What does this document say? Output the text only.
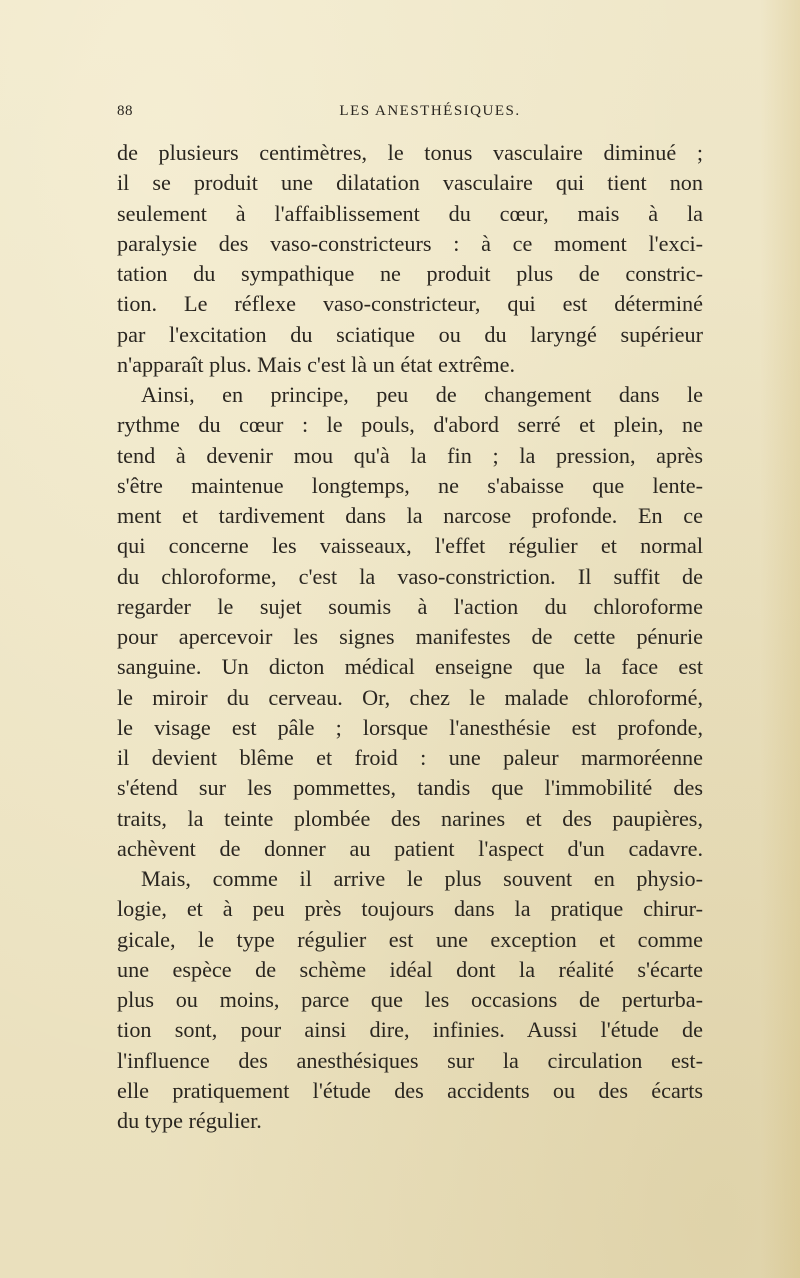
88	LES ANESTHÉSIQUES.
de plusieurs centimètres, le tonus vasculaire diminué ;
il se produit une dilatation vasculaire qui tient non
seulement à l'affaiblissement du cœur, mais à la
paralysie des vaso-constricteurs : à ce moment l'exci-
tation du sympathique ne produit plus de constric-
tion. Le réflexe vaso-constricteur, qui est déterminé
par l'excitation du sciatique ou du laryngé supérieur
n'apparaît plus. Mais c'est là un état extrême.
Ainsi, en principe, peu de changement dans le
rythme du cœur : le pouls, d'abord serré et plein, ne
tend à devenir mou qu'à la fin ; la pression, après
s'être maintenue longtemps, ne s'abaisse que lente-
ment et tardivement dans la narcose profonde. En ce
qui concerne les vaisseaux, l'effet régulier et normal
du chloroforme, c'est la vaso-constriction. Il suffit de
regarder le sujet soumis à l'action du chloroforme
pour apercevoir les signes manifestes de cette pénurie
sanguine. Un dicton médical enseigne que la face est
le miroir du cerveau. Or, chez le malade chloroformé,
le visage est pâle ; lorsque l'anesthésie est profonde,
il devient blême et froid : une paleur marmoréenne
s'étend sur les pommettes, tandis que l'immobilité des
traits, la teinte plombée des narines et des paupières,
achèvent de donner au patient l'aspect d'un cadavre.
Mais, comme il arrive le plus souvent en physio-
logie, et à peu près toujours dans la pratique chirur-
gicale, le type régulier est une exception et comme
une espèce de schème idéal dont la réalité s'écarte
plus ou moins, parce que les occasions de perturba-
tion sont, pour ainsi dire, infinies. Aussi l'étude de
l'influence des anesthésiques sur la circulation est-
elle pratiquement l'étude des accidents ou des écarts
du type régulier.
